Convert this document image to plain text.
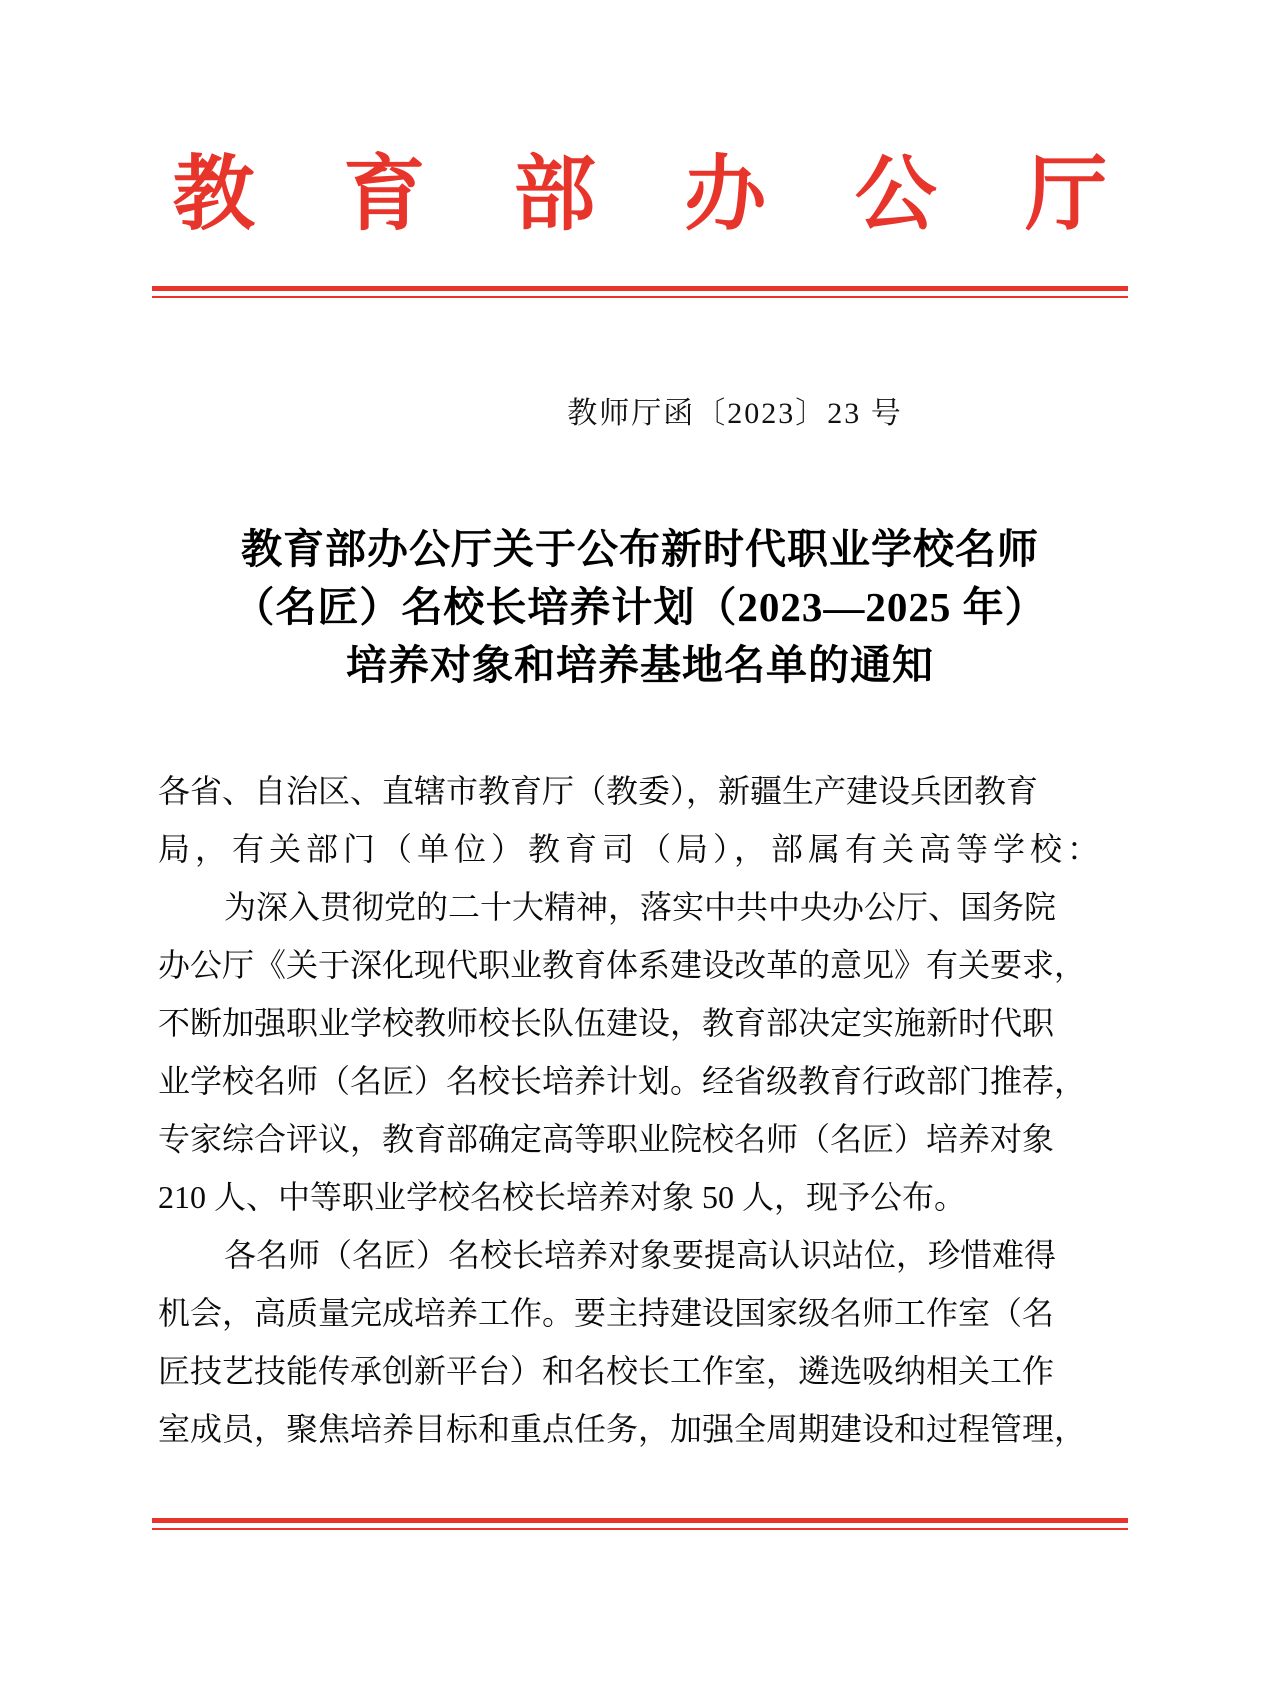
教 育 部 办 公 厅
教师厅函〔2023〕23 号
教育部办公厅关于公布新时代职业学校名师
（名匠）名校长培养计划（2023—2025 年）
培养对象和培养基地名单的通知
各省、自治区、直辖市教育厅（教委），新疆生产建设兵团教育
局，有关部门（单位）教育司（局），部属有关高等学校：
为深入贯彻党的二十大精神，落实中共中央办公厅、国务院
办公厅《关于深化现代职业教育体系建设改革的意见》有关要求，
不断加强职业学校教师校长队伍建设，教育部决定实施新时代职
业学校名师（名匠）名校长培养计划。经省级教育行政部门推荐，
专家综合评议，教育部确定高等职业院校名师（名匠）培养对象
210 人、中等职业学校名校长培养对象 50 人，现予公布。
各名师（名匠）名校长培养对象要提高认识站位，珍惜难得
机会，高质量完成培养工作。要主持建设国家级名师工作室（名
匠技艺技能传承创新平台）和名校长工作室，遴选吸纳相关工作
室成员，聚焦培养目标和重点任务，加强全周期建设和过程管理，
